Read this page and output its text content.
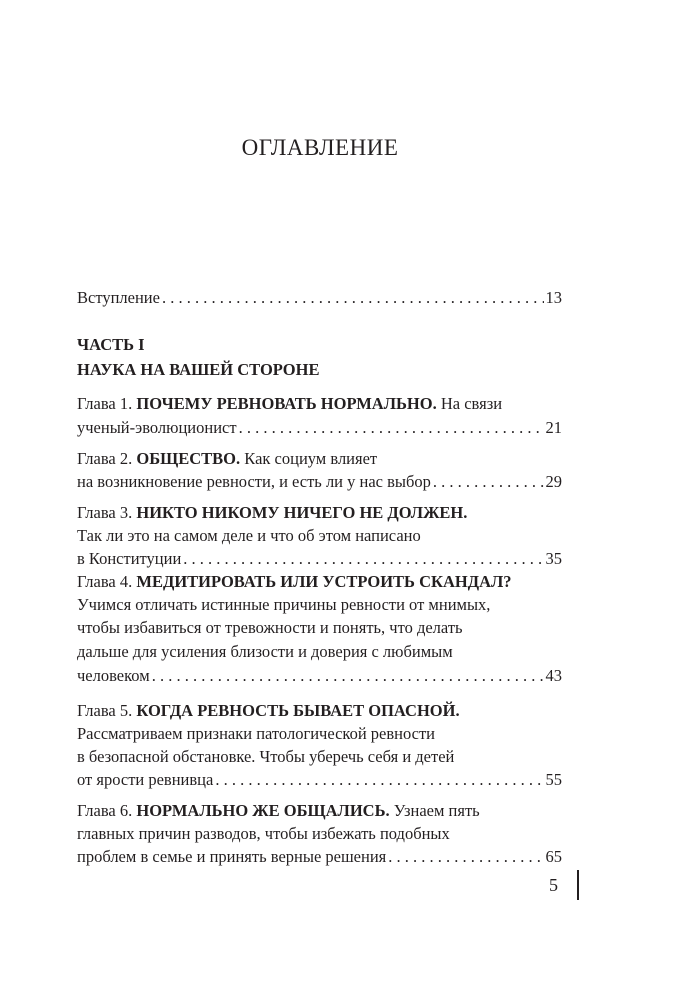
ОГЛАВЛЕНИЕ
Вступление . . .	13
ЧАСТЬ I
НАУКА НА ВАШЕЙ СТОРОНЕ
Глава 1. ПОЧЕМУ РЕВНОВАТЬ НОРМАЛЬНО. На связи
ученый-эволюционист . . .	21
Глава 2. ОБЩЕСТВО. Как социум влияет
на возникновение ревности, и есть ли у нас выбор . . .	29
Глава 3. НИКТО НИКОМУ НИЧЕГО НЕ ДОЛЖЕН.
Так ли это на самом деле и что об этом написано
в Конституции . . .	35
Глава 4. МЕДИТИРОВАТЬ ИЛИ УСТРОИТЬ СКАНДАЛ?
Учимся отличать истинные причины ревности от мнимых,
чтобы избавиться от тревожности и понять, что делать
дальше для усиления близости и доверия с любимым
человеком . . .	43
Глава 5. КОГДА РЕВНОСТЬ БЫВАЕТ ОПАСНОЙ.
Рассматриваем признаки патологической ревности
в безопасной обстановке. Чтобы уберечь себя и детей
от ярости ревнивца . . .	55
Глава 6. НОРМАЛЬНО ЖЕ ОБЩАЛИСЬ. Узнаем пять
главных причин разводов, чтобы избежать подобных
проблем в семье и принять верные решения . . .	65
5
